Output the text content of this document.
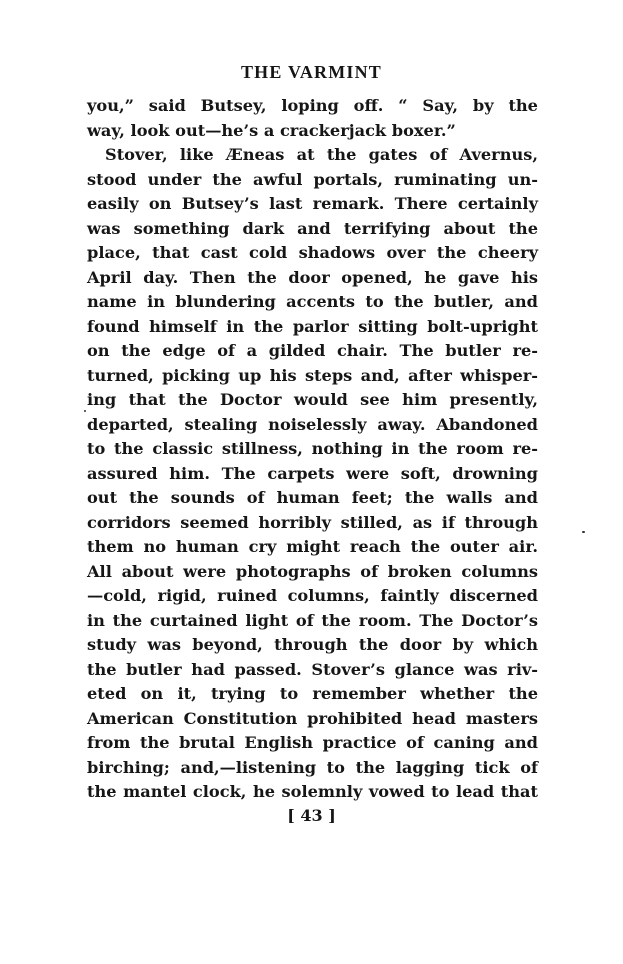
THE VARMINT
you,” said Butsey, loping off. “ Say, by the
way, look out—he’s a crackerjack boxer.”
Stover, like Æneas at the gates of Avernus,
stood under the awful portals, ruminating un-
easily on Butsey’s last remark. There certainly
was something dark and terrifying about the
place, that cast cold shadows over the cheery
April day. Then the door opened, he gave his
name in blundering accents to the butler, and
found himself in the parlor sitting bolt-upright
on the edge of a gilded chair. The butler re-
turned, picking up his steps and, after whisper-
ing that the Doctor would see him presently,
departed, stealing noiselessly away. Abandoned
to the classic stillness, nothing in the room re-
assured him. The carpets were soft, drowning
out the sounds of human feet; the walls and
corridors seemed horribly stilled, as if through
them no human cry might reach the outer air.
All about were photographs of broken columns
—cold, rigid, ruined columns, faintly discerned
in the curtained light of the room. The Doctor’s
study was beyond, through the door by which
the butler had passed. Stover’s glance was riv-
eted on it, trying to remember whether the
American Constitution prohibited head masters
from the brutal English practice of caning and
birching; and,—listening to the lagging tick of
the mantel clock, he solemnly vowed to lead that
[ 43 ]
